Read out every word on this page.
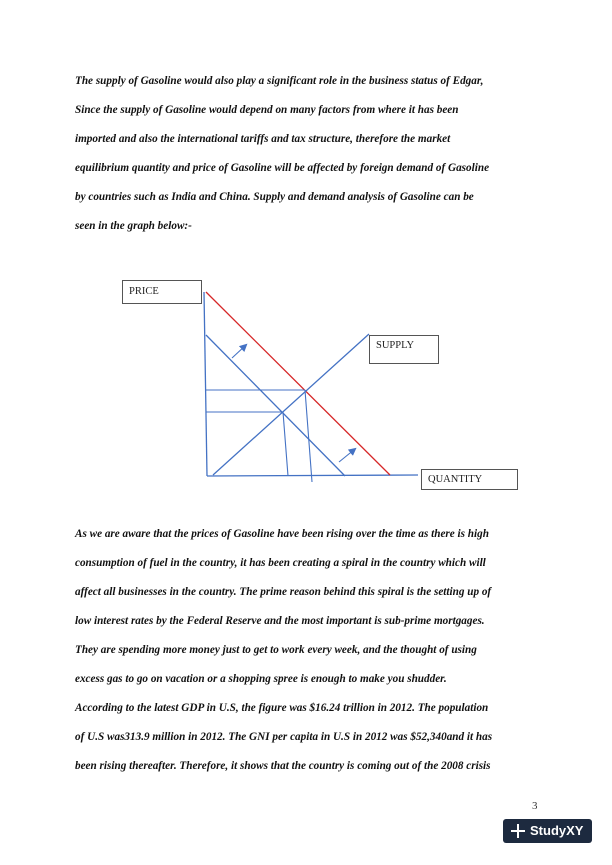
The supply of Gasoline would also play a significant role in the business status of Edgar,
Since the supply of Gasoline would depend on many factors from where it has been
imported and also the international tariffs and tax structure, therefore the market
equilibrium quantity and price of Gasoline will be affected by foreign demand of Gasoline
by countries such as India and China. Supply and demand analysis of Gasoline can be
seen in the graph below:-
PRICE
SUPPLY
QUANTITY
As we are aware that the prices of Gasoline have been rising over the time as there is high
consumption of fuel in the country, it has been creating a spiral in the country which will
affect all businesses in the country. The prime reason behind this spiral is the setting up of
low interest rates by the Federal Reserve and the most important is sub-prime mortgages.
They are spending more money just to get to work every week, and the thought of using
excess gas to go on vacation or a shopping spree is enough to make you shudder.
According to the latest GDP in U.S, the figure was $16.24 trillion in 2012. The population
of U.S was313.9 million in 2012. The GNI per capita in U.S in 2012 was $52,340and it has
been rising thereafter. Therefore, it shows that the country is coming out of the 2008 crisis
3
StudyXY
